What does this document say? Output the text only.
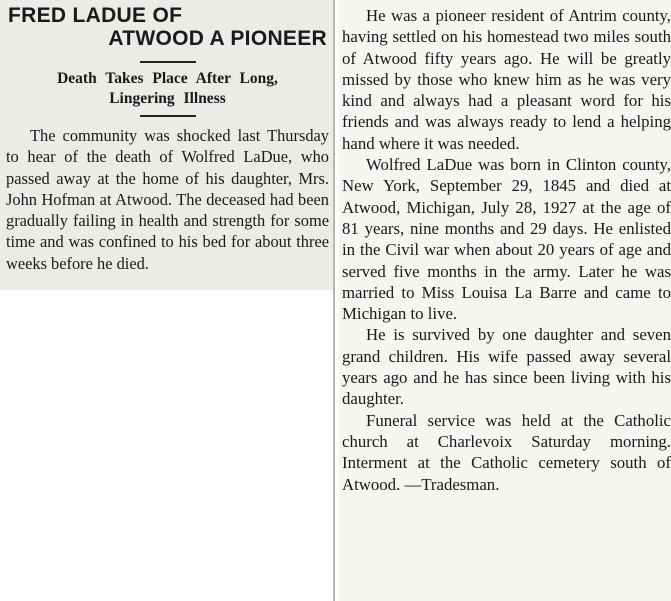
FRED LADUE OF
ATWOOD A PIONEER
Death Takes Place After Long,
Lingering Illness

The community was shocked last Thursday to hear of the death of Wolfred LaDue, who passed away at the home of his daughter, Mrs. John Hofman at Atwood. The deceased had been gradually failing in health and strength for some time and was confined to his bed for about three weeks before he died.

He was a pioneer resident of Antrim county, having settled on his homestead two miles south of Atwood fifty years ago. He will be greatly missed by those who knew him as he was very kind and always had a pleasant word for his friends and was always ready to lend a helping hand where it was needed.

Wolfred LaDue was born in Clinton county, New York, September 29, 1845 and died at Atwood, Michigan, July 28, 1927 at the age of 81 years, nine months and 29 days. He enlisted in the Civil war when about 20 years of age and served five months in the army. Later he was married to Miss Louisa La Barre and came to Michigan to live.

He is survived by one daughter and seven grand children. His wife passed away several years ago and he has since been living with his daughter.

Funeral service was held at the Catholic church at Charlevoix Saturday morning. Interment at the Catholic cemetery south of Atwood. —Tradesman.
